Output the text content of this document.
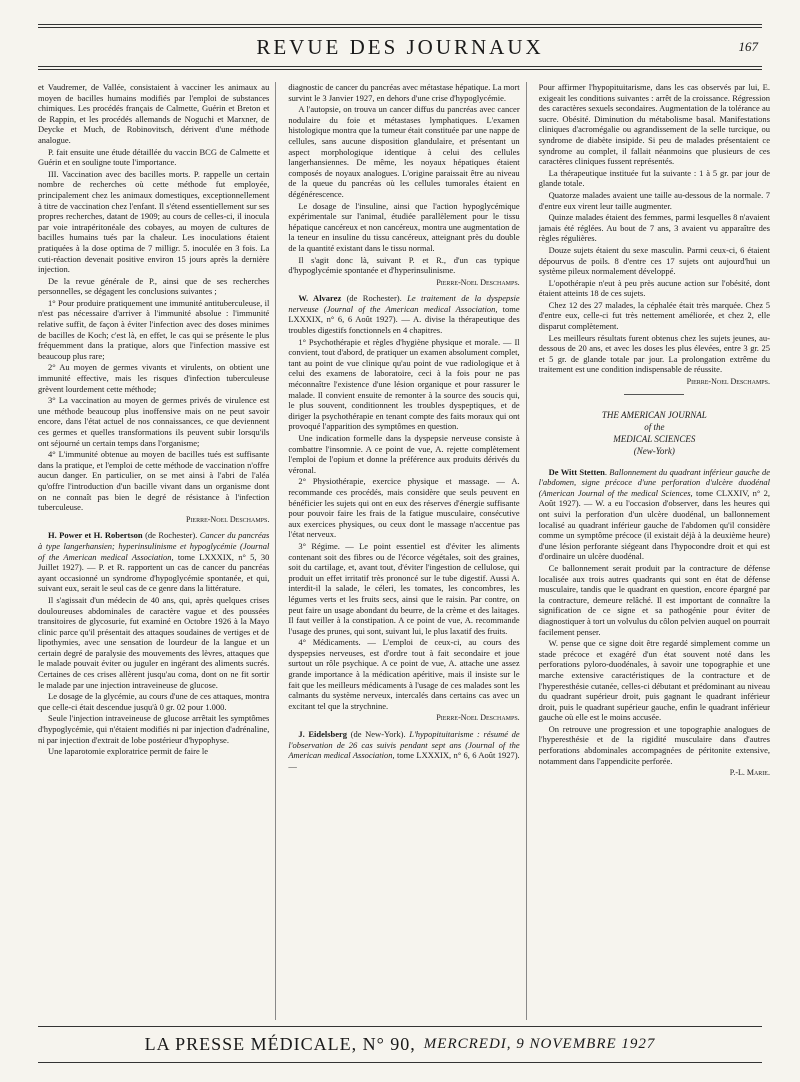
REVUE DES JOURNAUX	167

et Vaudremer, de Vallée, consistaient à vacciner les animaux au moyen de bacilles humains modifiés par l'emploi de substances chimiques. Les procédés français de Calmette, Guérin et Breton et de Rappin, et les procédés allemands de Noguchi et Marxner, de Deycke et Much, de Robinovitsch, dérivent d'une méthode analogue.

P. fait ensuite une étude détaillée du vaccin BCG de Calmette et Guérin et en souligne toute l'importance.

III. Vaccination avec des bacilles morts. P. rappelle un certain nombre de recherches où cette méthode fut employée, principalement chez les animaux domestiques, exceptionnellement à titre de vaccination chez l'enfant. Il s'étend essentiellement sur ses propres recherches, datant de 1909; au cours de celles-ci, il inocula par voie intrapéritonéale des cobayes, au moyen de cultures de bacilles humains tués par la chaleur. Les inoculations étaient pratiquées à la dose optima de 7 milligr. 5. inoculée en 3 fois. La cuti-réaction devenait positive environ 15 jours après la dernière injection.

De la revue générale de P., ainsi que de ses recherches personnelles, se dégagent les conclusions suivantes ;

1° Pour produire pratiquement une immunité antituberculeuse, il n'est pas nécessaire d'arriver à l'immunité absolue : l'immunité relative suffit, de façon à éviter l'infection avec des doses minimes de bacilles de Koch; c'est là, en effet, le cas qui se présente le plus fréquemment dans la pratique, alors que l'infection massive est beaucoup plus rare;

2° Au moyen de germes vivants et virulents, on obtient une immunité effective, mais les risques d'infection tuberculeuse grèvent lourdement cette méthode;

3° La vaccination au moyen de germes privés de virulence est une méthode beaucoup plus inoffensive mais on ne peut savoir encore, dans l'état actuel de nos connaissances, ce que deviennent ces germes et quelles transformations ils peuvent subir lorsqu'ils ont séjourné un certain temps dans l'organisme;

4° L'immunité obtenue au moyen de bacilles tués est suffisante dans la pratique, et l'emploi de cette méthode de vaccination n'offre aucun danger. En particulier, on se met ainsi à l'abri de l'aléa qu'offre l'introduction d'un bacille vivant dans un organisme dont on ne connaît pas bien le degré de résistance à l'infection tuberculeuse.

Pierre-Noel Deschamps.

H. Power et H. Robertson (de Rochester). Cancer du pancréas à type langerhansien; hyperinsulinisme et hypoglycémie (Journal of the American medical Association, tome LXXXIX, n° 5, 30 Juillet 1927). — P. et R. rapportent un cas de cancer du pancréas ayant occasionné un syndrome d'hypoglycémie spontanée, et qui, suivant eux, serait le seul cas de ce genre dans la littérature.

Il s'agissait d'un médecin de 40 ans, qui, après quelques crises douloureuses abdominales de caractère vague et des poussées transitoires de glycosurie, fut examiné en Octobre 1926 à la Mayo clinic parce qu'il présentait des attaques soudaines de vertiges et de lipothymies, avec une sensation de lourdeur de la langue et un certain degré de paralysie des mouvements des lèvres, attaques que le malade pouvait éviter ou juguler en ingérant des aliments sucrés. Certaines de ces crises allèrent jusqu'au coma, dont on ne fit sortir le malade par une injection intraveineuse de glucose.

Le dosage de la glycémie, au cours d'une de ces attaques, montra que celle-ci était descendue jusqu'à 0 gr. 02 pour 1.000.

Seule l'injection intraveineuse de glucose arrêtait les symptômes d'hypoglycémie, qui n'étaient modifiés ni par injection d'adrénaline, ni par injection d'extrait de lobe postérieur d'hypophyse.

Une laparotomie exploratrice permit de faire le

diagnostic de cancer du pancréas avec métastase hépatique. La mort survint le 3 Janvier 1927, en dehors d'une crise d'hypoglycémie.

A l'autopsie, on trouva un cancer diffus du pancréas avec cancer nodulaire du foie et métastases lymphatiques. L'examen histologique montra que la tumeur était constituée par une nappe de cellules, sans aucune disposition glandulaire, et présentant un aspect morphologique identique à celui des cellules langerhansiennes. De même, les noyaux hépatiques étaient composés de noyaux analogues. L'origine paraissait être au niveau de la queue du pancréas où les cellules tumorales étaient en dégénérescence.

Le dosage de l'insuline, ainsi que l'action hypoglycémique expérimentale sur l'animal, étudiée parallèlement pour le tissu hépatique cancéreux et non cancéreux, montra une augmentation de la teneur en insuline du tissu cancéreux, atteignant près du double de la quantité existant dans le tissu normal.

Il s'agit donc là, suivant P. et R., d'un cas typique d'hypoglycémie spontanée et d'hyperinsulinisme.

Pierre-Noel Deschamps.

W. Alvarez (de Rochester). Le traitement de la dyspepsie nerveuse (Journal of the American medical Association, tome LXXXIX, n° 6, 6 Août 1927). — A. divise la thérapeutique des troubles digestifs fonctionnels en 4 chapitres.

1° Psychothérapie et règles d'hygiène physique et morale. — Il convient, tout d'abord, de pratiquer un examen absolument complet, tant au point de vue clinique qu'au point de vue radiologique et à celui des examens de laboratoire, ceci à la fois pour ne pas méconnaître l'existence d'une lésion organique et pour rassurer le malade. Il convient ensuite de remonter à la source des soucis qui, le plus souvent, conditionnent les troubles dyspeptiques, et de diriger la psychothérapie en tenant compte des faits moraux qui ont provoqué l'apparition des symptômes en question.

Une indication formelle dans la dyspepsie nerveuse consiste à combattre l'insomnie. A ce point de vue, A. rejette complètement l'emploi de l'opium et donne la préférence aux produits dérivés du véronal.

2° Physiothérapie, exercice physique et massage. — A. recommande ces procédés, mais considère que seuls peuvent en bénéficier les sujets qui ont en eux des réserves d'énergie suffisante pour pouvoir faire les frais de la fatigue musculaire, consécutive aux exercices physiques, ou ceux dont le massage n'accentue pas l'état nerveux.

3° Régime. — Le point essentiel est d'éviter les aliments contenant soit des fibres ou de l'écorce végétales, soit des graines, soit du cartilage, et, avant tout, d'éviter l'ingestion de cellulose, qui produit un effet irritatif très prononcé sur le tube digestif. Aussi A. interdit-il la salade, le céleri, les tomates, les concombres, les légumes verts et les fruits secs, ainsi que le raisin. Par contre, on peut faire un usage abondant du beurre, de la crème et des laitages. Il faut veiller à la constipation. A ce point de vue, A. recommande l'usage des prunes, qui sont, suivant lui, le plus laxatif des fruits.

4° Médicaments. — L'emploi de ceux-ci, au cours des dyspepsies nerveuses, est d'ordre tout à fait secondaire et joue surtout un rôle psychique. A ce point de vue, A. attache une assez grande importance à la médication apéritive, mais il insiste sur le fait que les meilleurs médicaments à l'usage de ces malades sont les calmants du système nerveux, intercalés dans certains cas avec un excitant tel que la strychnine.

Pierre-Noel Deschamps.

J. Eidelsberg (de New-York). L'hypopituitarisme : résumé de l'observation de 26 cas suivis pendant sept ans (Journal of the American medical Association, tome LXXXIX, n° 6, 6 Août 1927). —

Pour affirmer l'hypopituitarisme, dans les cas observés par lui, E. exigeait les conditions suivantes : arrêt de la croissance. Régression des caractères sexuels secondaires. Augmentation de la tolérance au sucre. Obésité. Diminution du métabolisme basal. Manifestations cliniques d'acromégalie ou agrandissement de la selle turcique, ou syndrome de diabète insipide. Si peu de malades présentaient ce syndrome au complet, il fallait néanmoins que plusieurs de ces caractères cliniques fussent représentés.

La thérapeutique instituée fut la suivante : 1 à 5 gr. par jour de glande totale.

Quatorze malades avaient une taille au-dessous de la normale. 7 d'entre eux virent leur taille augmenter.

Quinze malades étaient des femmes, parmi lesquelles 8 n'avaient jamais été réglées. Au bout de 7 ans, 3 avaient vu apparaître des règles régulières.

Douze sujets étaient du sexe masculin. Parmi ceux-ci, 6 étaient dépourvus de poils. 8 d'entre ces 17 sujets ont aujourd'hui un système pileux normalement développé.

L'opothérapie n'eut à peu près aucune action sur l'obésité, dont étaient atteints 18 de ces sujets.

Chez 12 des 27 malades, la céphalée était très marquée. Chez 5 d'entre eux, celle-ci fut très nettement améliorée, et chez 2, elle disparut complètement.

Les meilleurs résultats furent obtenus chez les sujets jeunes, au-dessous de 20 ans, et avec les doses les plus élevées, entre 3 gr. 25 et 5 gr. de glande totale par jour. La prolongation extrême du traitement est une condition indispensable de réussite.

Pierre-Noel Deschamps.
THE AMERICAN JOURNAL
of the
MEDICAL SCIENCES
(New-York)

De Witt Stetten. Ballonnement du quadrant inférieur gauche de l'abdomen, signe précoce d'une perforation d'ulcère duodénal (American Journal of the medical Sciences, tome CLXXIV, n° 2, Août 1927). — W. a eu l'occasion d'observer, dans les heures qui ont suivi la perforation d'un ulcère duodénal, un ballonnement localisé au quadrant inférieur gauche de l'abdomen qu'il considère comme un symptôme précoce (il existait déjà à la deuxième heure) d'une lésion perforante siégeant dans l'hypocondre droit et qui est d'ordinaire un ulcère duodénal.

Ce ballonnement serait produit par la contracture de défense localisée aux trois autres quadrants qui sont en état de défense musculaire, tandis que le quadrant en question, encore épargné par la contracture, demeure relâché. Il est important de connaître la signification de ce signe et sa pathogénie pour éviter de diagnostiquer à tort un volvulus du côlon pelvien auquel on pourrait facilement penser.

W. pense que ce signe doit être regardé simplement comme un stade précoce et exagéré d'un état souvent noté dans les perforations pyloro-duodénales, à savoir une topographie et une marche extensive caractéristiques de la contracture et de l'hyperesthésie cutanée, celles-ci débutant et prédominant au niveau du quadrant supérieur droit, puis gagnant le quadrant inférieur droit, puis le quadrant supérieur gauche, enfin le quadrant inférieur gauche où elle est le moins accusée.

On retrouve une progression et une topographie analogues de l'hyperesthésie et de la rigidité musculaire dans d'autres perforations abdominales accompagnées de péritonite extensive, notamment dans l'appendicite perforée.

P.-L. Marie.
LA PRESSE MÉDICALE, N° 90, MERCREDI, 9 NOVEMBRE 1927
